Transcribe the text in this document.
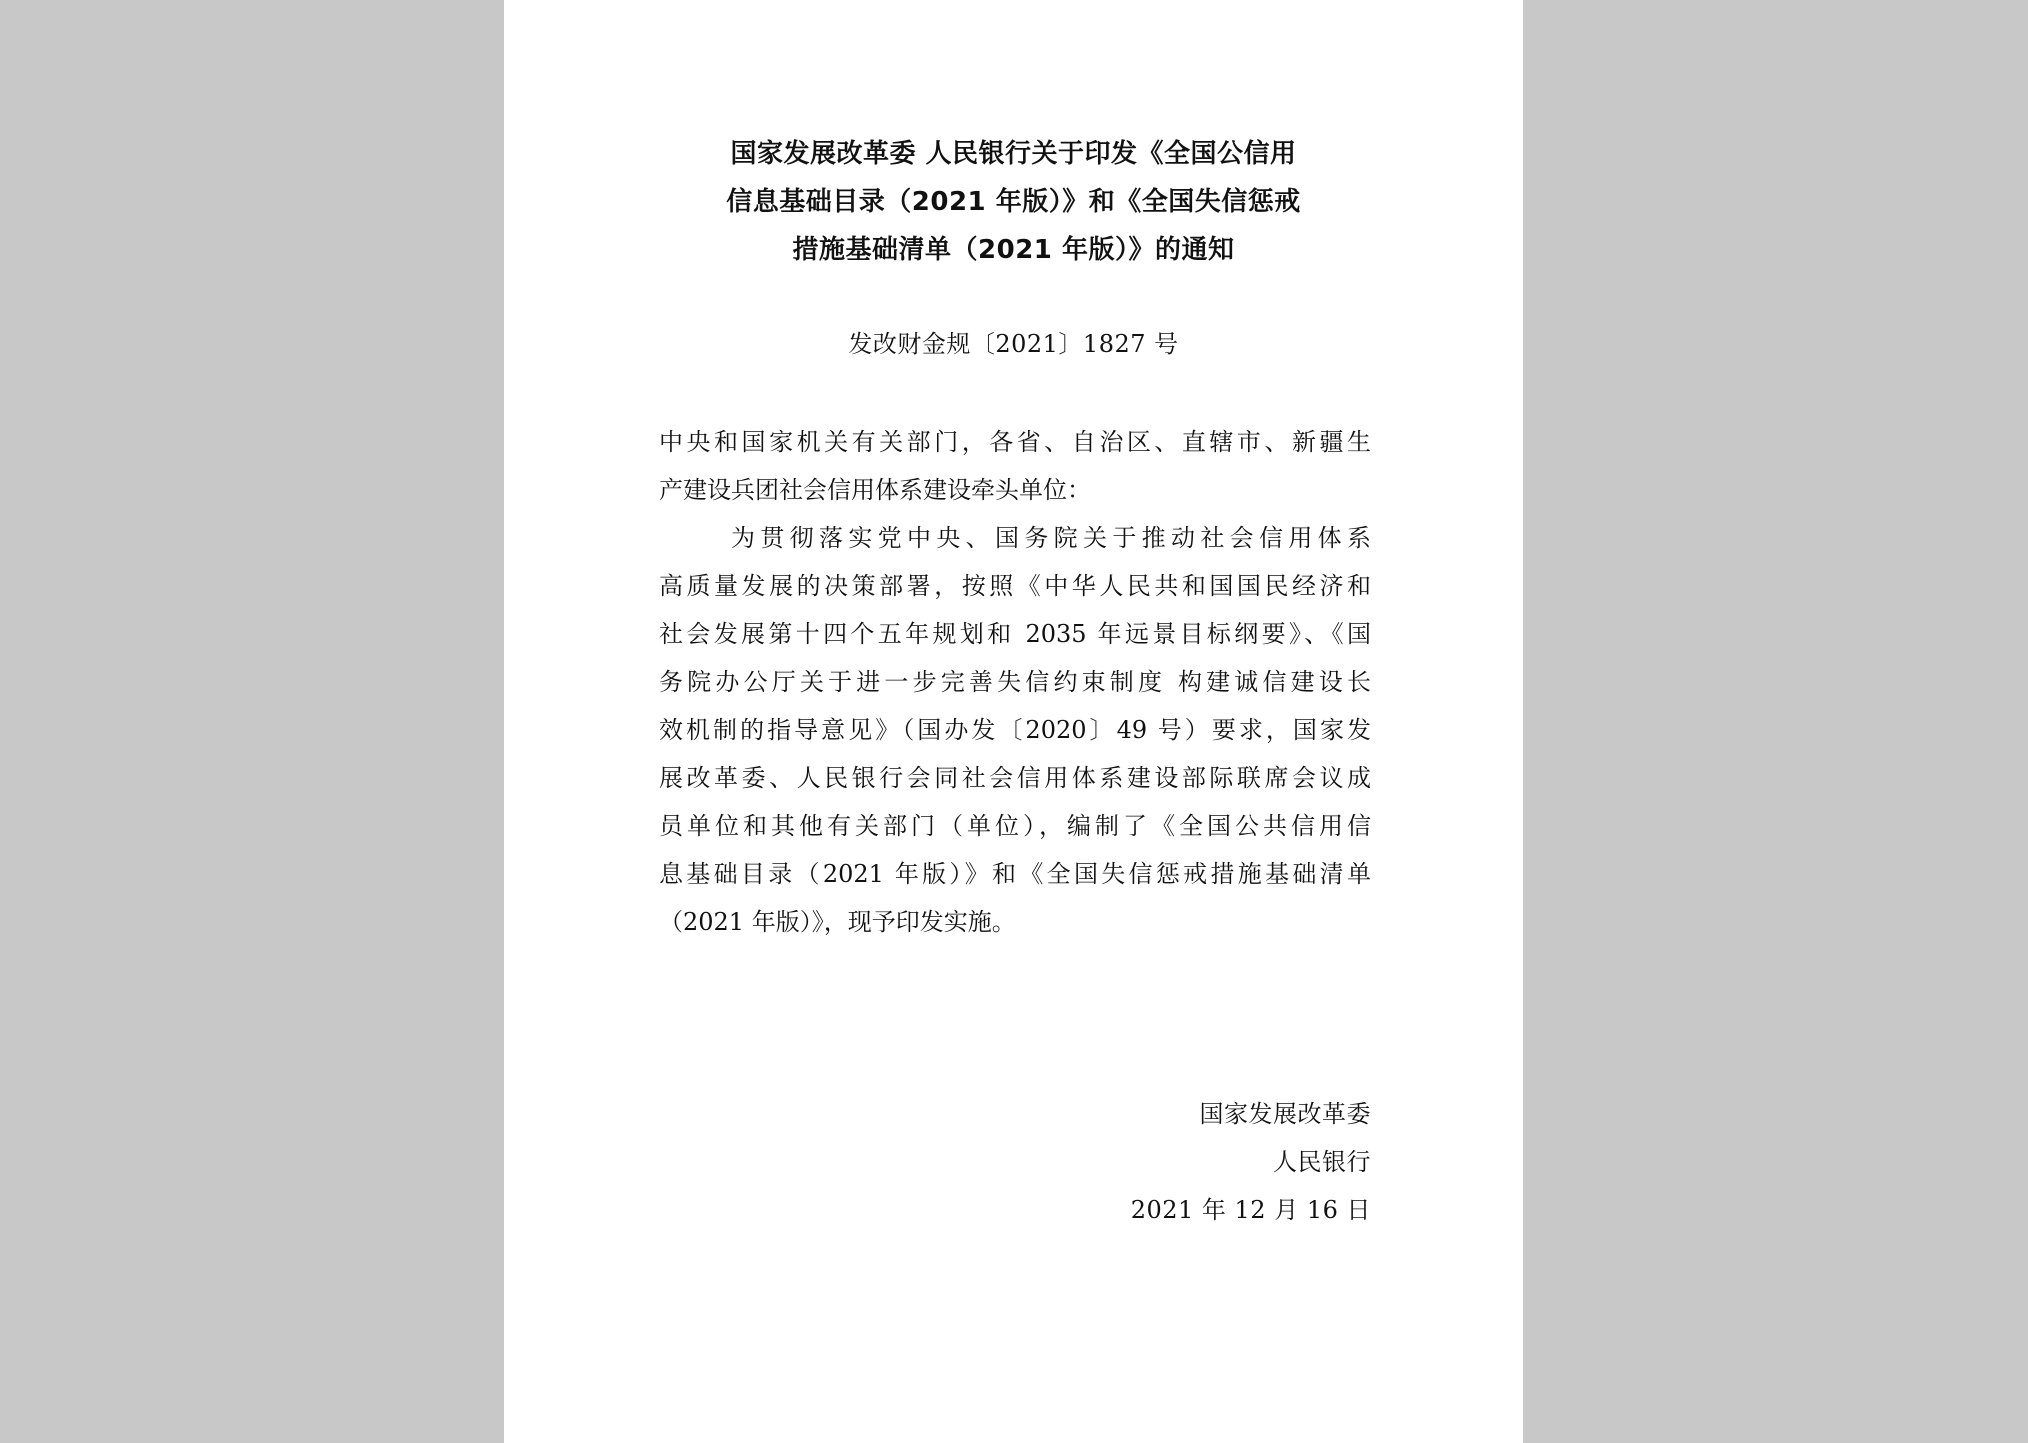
国家发展改革委 人民银行关于印发《全国公信用
信息基础目录（2021 年版）》和《全国失信惩戒
措施基础清单（2021 年版）》的通知
发改财金规〔2021〕1827 号
中央和国家机关有关部门，各省、自治区、直辖市、新疆生
产建设兵团社会信用体系建设牵头单位：
为贯彻落实党中央、国务院关于推动社会信用体系
高质量发展的决策部署，按照《中华人民共和国国民经济和
社会发展第十四个五年规划和 2035 年远景目标纲要》、《国
务院办公厅关于进一步完善失信约束制度 构建诚信建设长
效机制的指导意见》（国办发〔2020〕49 号）要求，国家发
展改革委、人民银行会同社会信用体系建设部际联席会议成
员单位和其他有关部门（单位），编制了《全国公共信用信
息基础目录（2021 年版）》和《全国失信惩戒措施基础清单
（2021 年版）》，现予印发实施。
国家发展改革委
人民银行
2021 年 12 月 16 日
